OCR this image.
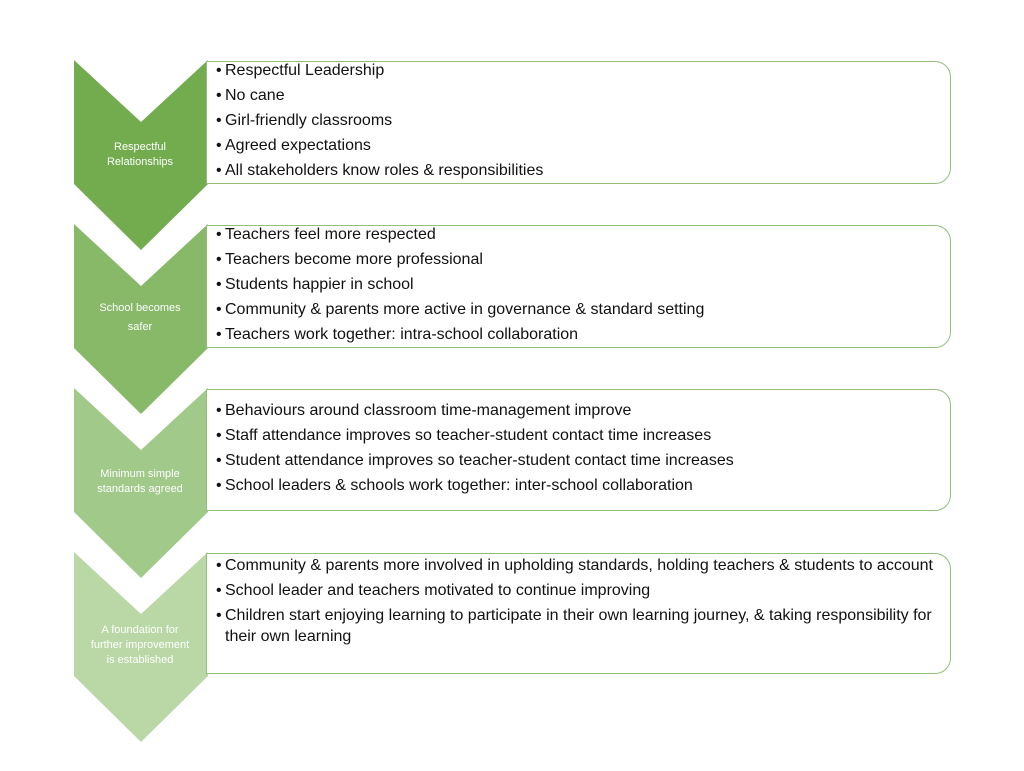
Respectful
Relationships
• Respectful Leadership
• No cane
• Girl-friendly classrooms
• Agreed expectations
• All stakeholders know roles & responsibilities
School becomes
safer
• Teachers feel more respected
• Teachers become more professional
• Students happier in school
• Community & parents more active in governance & standard setting
• Teachers work together: intra-school collaboration
Minimum simple
standards agreed
• Behaviours around classroom time-management improve
• Staff attendance improves so teacher-student contact time increases
• Student attendance improves so teacher-student contact time increases
• School leaders & schools work together: inter-school collaboration
A foundation for
further improvement
is established
• Community & parents more involved in upholding standards, holding teachers & students to account
• School leader and teachers motivated to continue improving
• Children start enjoying learning to participate in their own learning journey, & taking responsibility for their own learning
